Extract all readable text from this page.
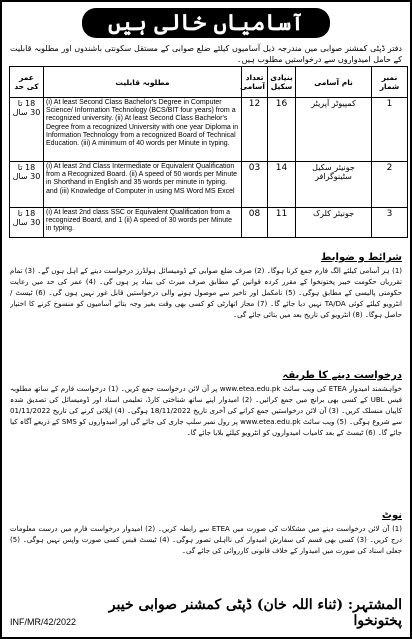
آسامیاں خالی ہیں
دفتر ڈپٹی کمشنر صوابی میں مندرجہ ذیل آسامیوں کیلئے ضلع صوابی کے مستقل سکونتی باشندوں اور مطلوبہ قابلیت کے حامل امیدواروں سے درخواستیں مطلوب ہیں۔
عمر کی حد	مطلوبہ قابلیت	تعداد آسامی	بنیادی سکیل	نام آسامی	نمبر شمار
18 تا 30 سال	(i) At least Second Class Bachelor's Degree in Computer Science/ Information Technology (BCS/BIT four years) from a recognized university. (ii) At least Second Class Bachelor's Degree from a recognized University with one year Diploma in Information Technology from a recognized Board of Technical Education. (iii) A minimum of 40 words per Minute in typing.	12	16	کمپیوٹر آپریٹر	1
18 تا 30 سال	(i) At least 2nd Class Intermediate or Equivalent Qualification from a Recognized Board. (ii) A speed of 50 words per Minute in Shorthand in English and 35 words per minute in typing. and (iii) Knowledge of Computer in using MS Word MS Excel	03	14	جونیئر سکیل سٹینوگرافر	2
18 تا 30 سال	(i) At least 2nd class SSC or Equivalent Qualification from a recognized Board, and 1 (ii) A speed of 30 words per Minute in typing.	08	11	جونیئر کلرک	3
شرائط و ضوابط
(1) ہر آسامی کیلئے الگ فارم جمع کرنا ہوگا۔ (2) صرف ضلع صوابی کے ڈومیسائل ہولڈرز درخواست دینے کے اہل ہوں گے۔ (3) تمام تقرریاں حکومت خیبر پختونخوا کے مقرر کردہ قوانین کے مطابق صرف میرٹ کی بنیاد پر ہوں گی۔ (4) عمر کی حد میں رعایت حکومتی پالیسی کے مطابق ہوگی۔ (5) نامکمل اور تاخیر سے موصول ہونے والی درخواستیں قابل غور نہیں ہوں گی۔ (6) ٹیسٹ / انٹرویو کیلئے کوئی TA/DA نہیں دیا جائے گا۔ (7) مجاز اتھارٹی کو کسی بھی وقت بغیر وجہ بتائے آسامیوں کو منسوخ کرنے کا اختیار حاصل ہوگا۔ (8) انٹرویو کی تاریخ بعد میں بتائی جائے گی۔
درخواست دینے کا طریقہ
خواہشمند امیدوار ETEA کی ویب سائٹ www.etea.edu.pk پر آن لائن درخواست جمع کریں۔ (1) درخواست فارم کے ساتھ مطلوبہ فیس UBL کے کسی بھی برانچ میں جمع کرائیں۔ (2) امیدوار اپنے ساتھ شناختی کارڈ، تعلیمی اسناد اور ڈومیسائل کی تصدیق شدہ کاپیاں منسلک کریں۔ (3) آن لائن درخواستیں جمع کرانے کی آخری تاریخ 18/11/2022 ہوگی۔ (4) اپلائی کرنے کی تاریخ 01/11/2022 سے شروع ہوگی۔ (5) ویب سائٹ www.etea.edu.pk پر رول نمبر سلپ جاری کی جائے گی اور امیدواروں کو SMS کے ذریعے آگاہ کیا جائے گا۔ (6) ٹیسٹ کے بعد کامیاب امیدواروں کو انٹرویو کیلئے بلایا جائے گا۔
نوٹ
(1) آن لائن درخواست دینے میں مشکلات کی صورت میں ETEA سے رابطہ کریں۔ (2) امیدوار درخواست فارم میں درست معلومات درج کریں۔ (3) کسی بھی قسم کی سفارش امیدوار کی نااہلی تصور ہوگی۔ (4) ٹیسٹ فیس کسی صورت واپس نہیں ہوگی۔ (5) جعلی اسناد کی صورت میں امیدوار کے خلاف قانونی کارروائی کی جائے گی۔
المشتہر: (ثناء اللہ خان) ڈپٹی کمشنر صوابی خیبر پختونخوا
INF/MR/42/2022
